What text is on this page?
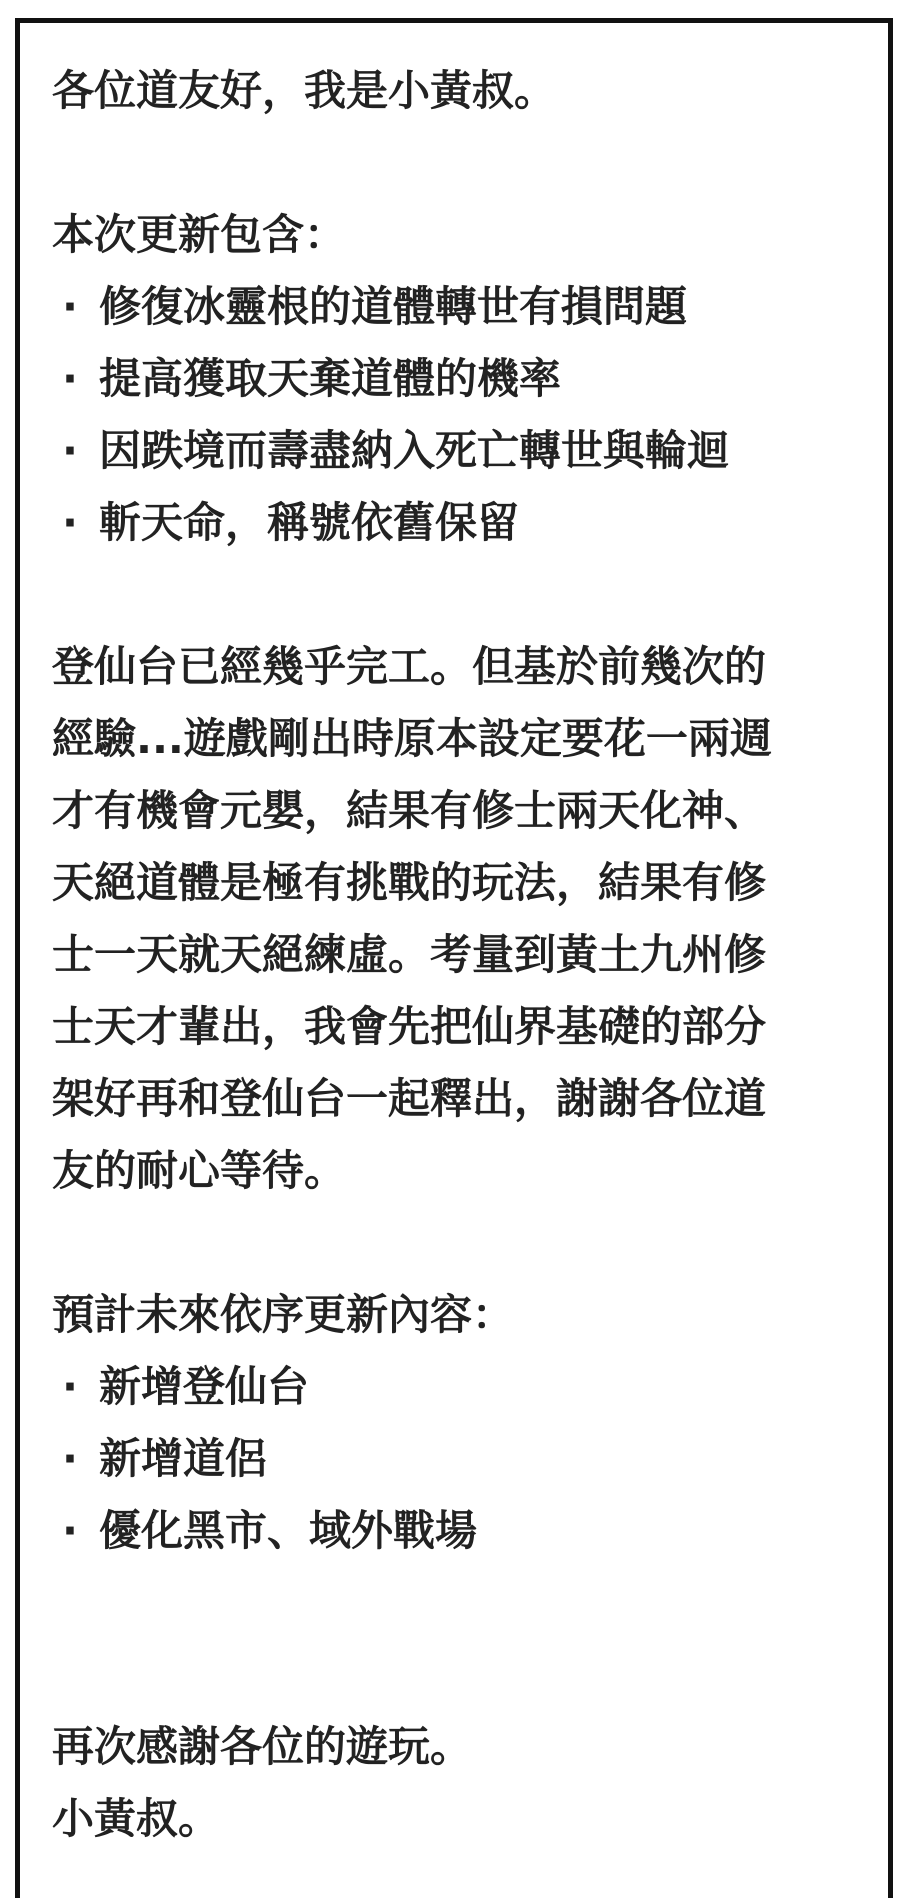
各位道友好，我是小黃叔。

本次更新包含：

· 修復冰靈根的道體轉世有損問題
· 提高獲取天棄道體的機率
· 因跌境而壽盡納入死亡轉世與輪迴
· 斬天命，稱號依舊保留

登仙台已經幾乎完工。但基於前幾次的

經驗...遊戲剛出時原本設定要花一兩週

才有機會元嬰，結果有修士兩天化神、

天絕道體是極有挑戰的玩法，結果有修

士一天就天絕練虛。考量到黃土九州修

士天才輩出，我會先把仙界基礎的部分

架好再和登仙台一起釋出，謝謝各位道

友的耐心等待。

預計未來依序更新內容：

· 新增登仙台
· 新增道侶
· 優化黑市、域外戰場

再次感謝各位的遊玩。

小黃叔。
